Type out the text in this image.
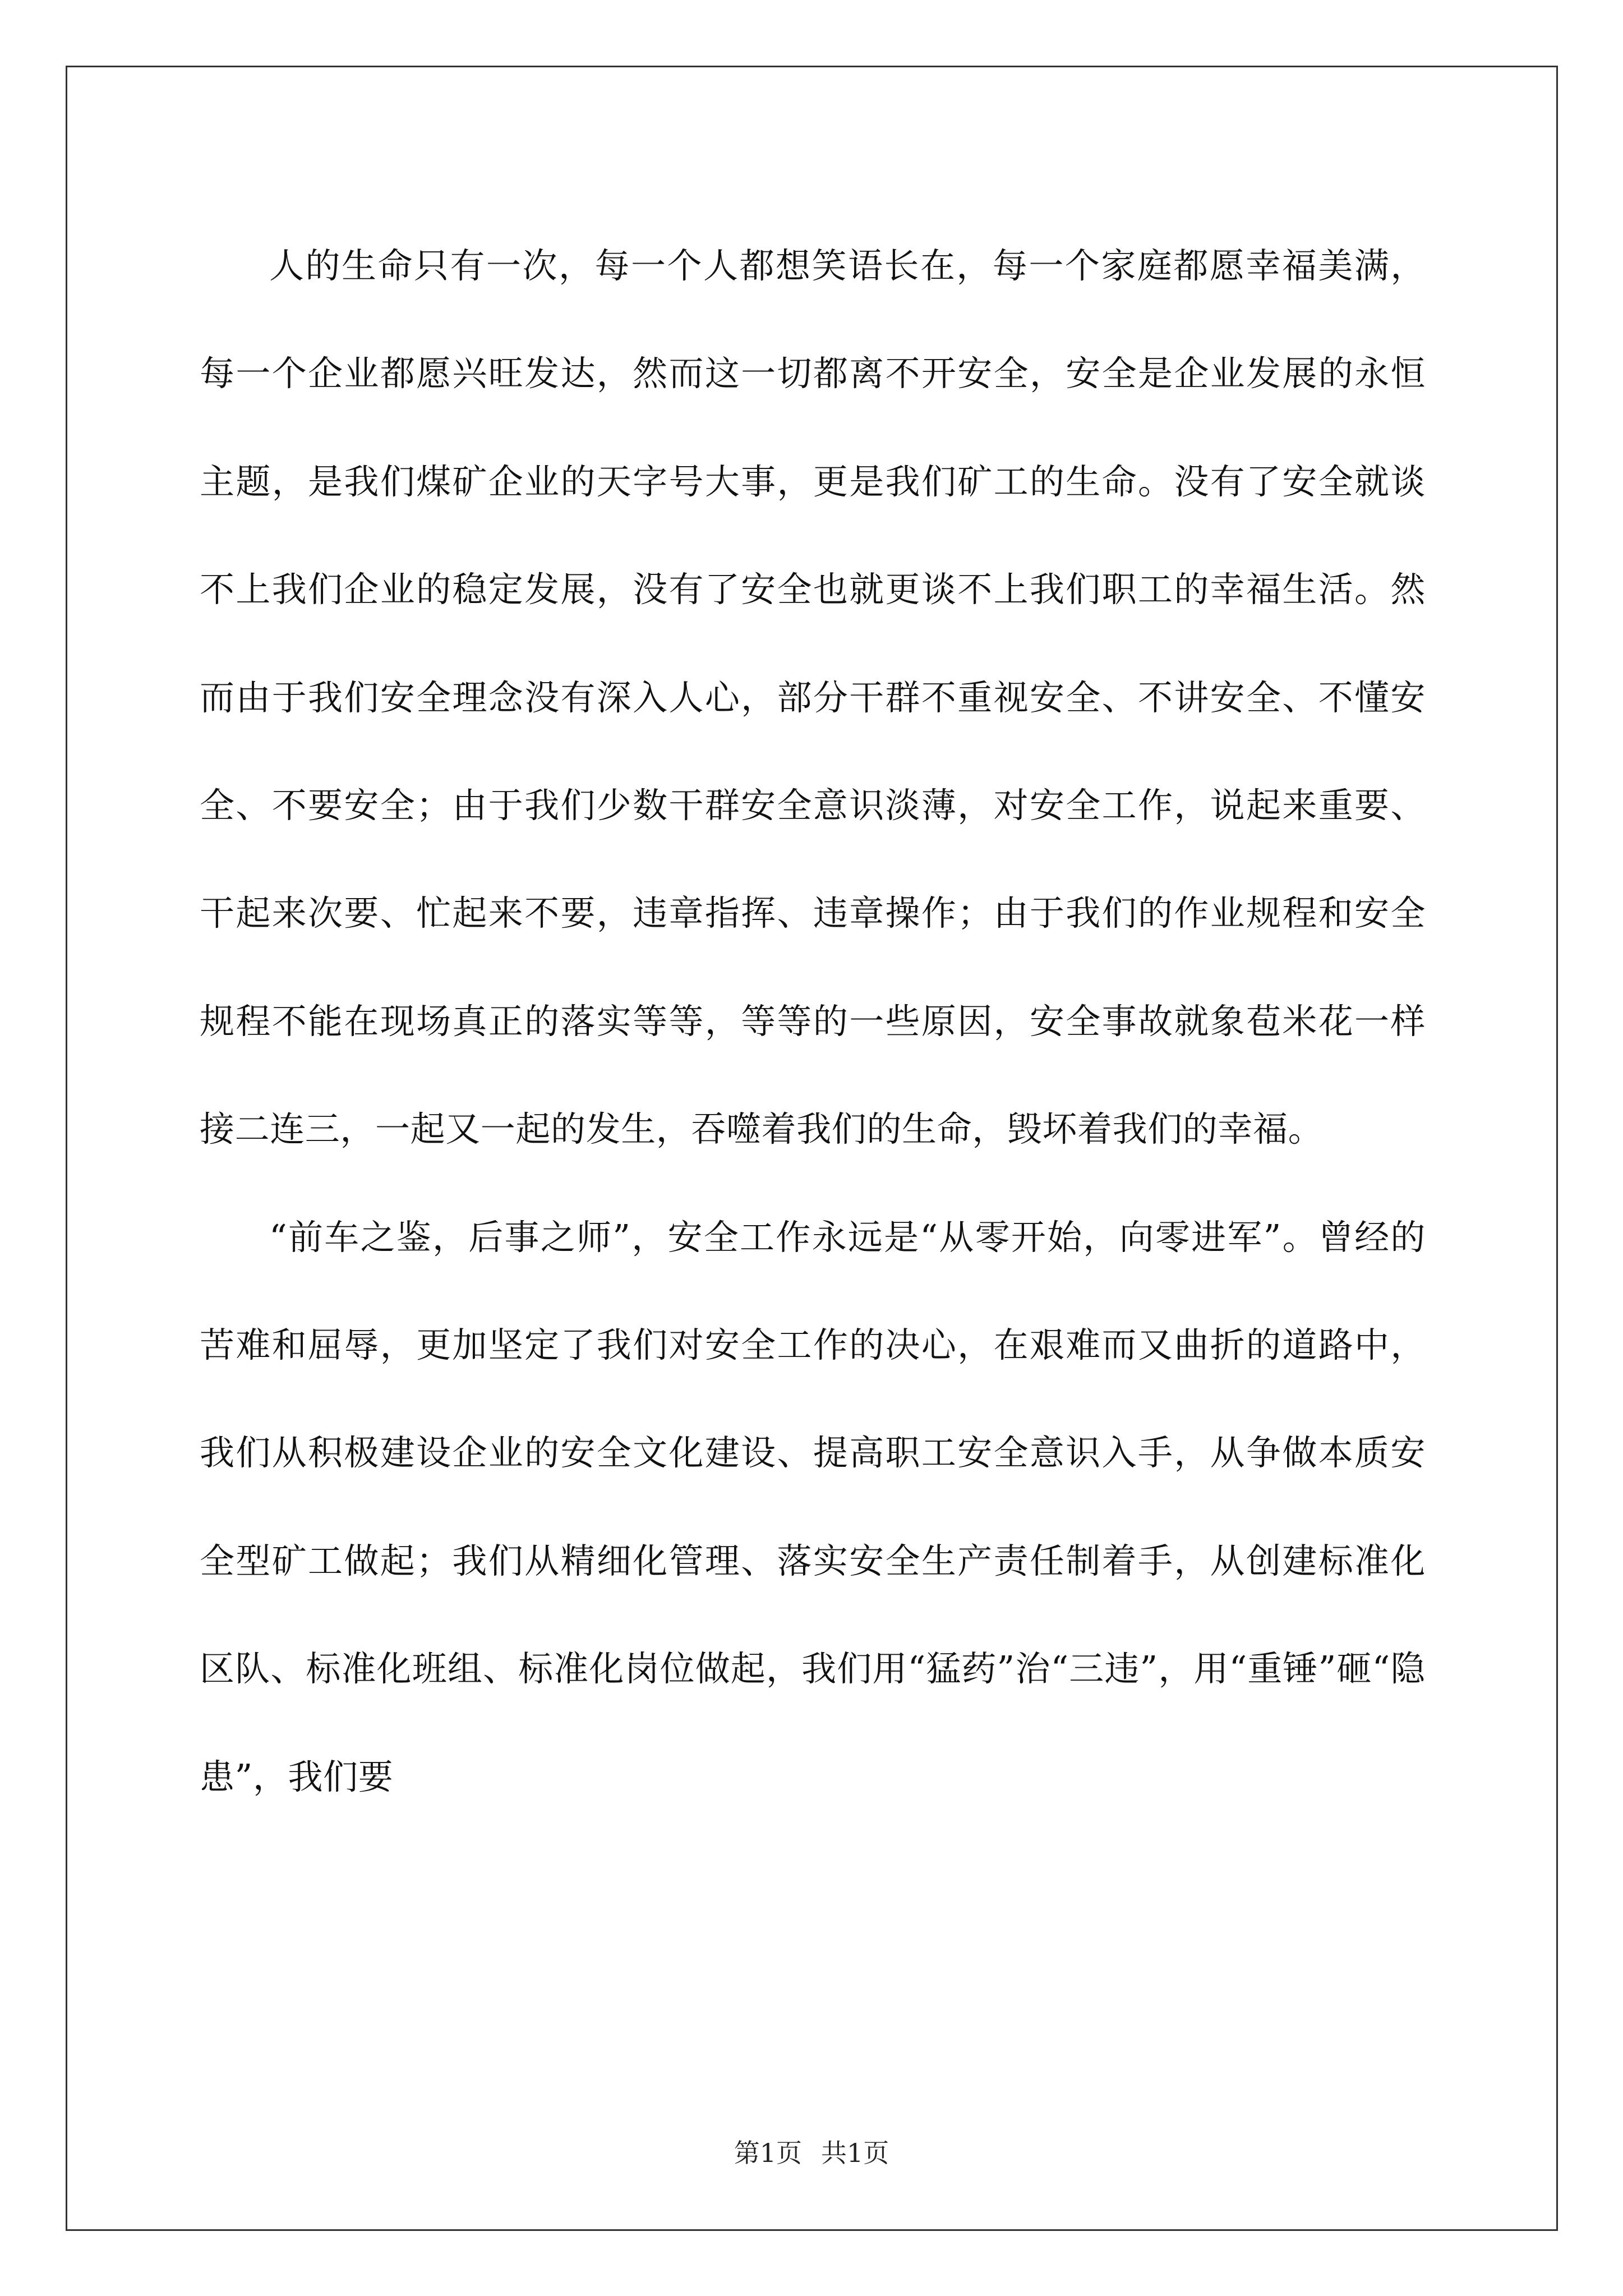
人的生命只有一次，每一个人都想笑语长在，每一个家庭都愿幸福美满，每一个企业都愿兴旺发达，然而这一切都离不开安全，安全是企业发展的永恒主题，是我们煤矿企业的天字号大事，更是我们矿工的生命。没有了安全就谈不上我们企业的稳定发展，没有了安全也就更谈不上我们职工的幸福生活。然而由于我们安全理念没有深入人心，部分干群不重视安全、不讲安全、不懂安全、不要安全；由于我们少数干群安全意识淡薄，对安全工作，说起来重要、干起来次要、忙起来不要，违章指挥、违章操作；由于我们的作业规程和安全规程不能在现场真正的落实等等，等等的一些原因，安全事故就象苞米花一样接二连三，一起又一起的发生，吞噬着我们的生命，毁坏着我们的幸福。

“前车之鉴，后事之师”，安全工作永远是“从零开始，向零进军”。曾经的苦难和屈辱，更加坚定了我们对安全工作的决心，在艰难而又曲折的道路中，我们从积极建设企业的安全文化建设、提高职工安全意识入手，从争做本质安全型矿工做起；我们从精细化管理、落实安全生产责任制着手，从创建标准化区队、标准化班组、标准化岗位做起，我们用“猛药”治“三违”，用“重锤”砸“隐患”，我们要

第1页 共1页
